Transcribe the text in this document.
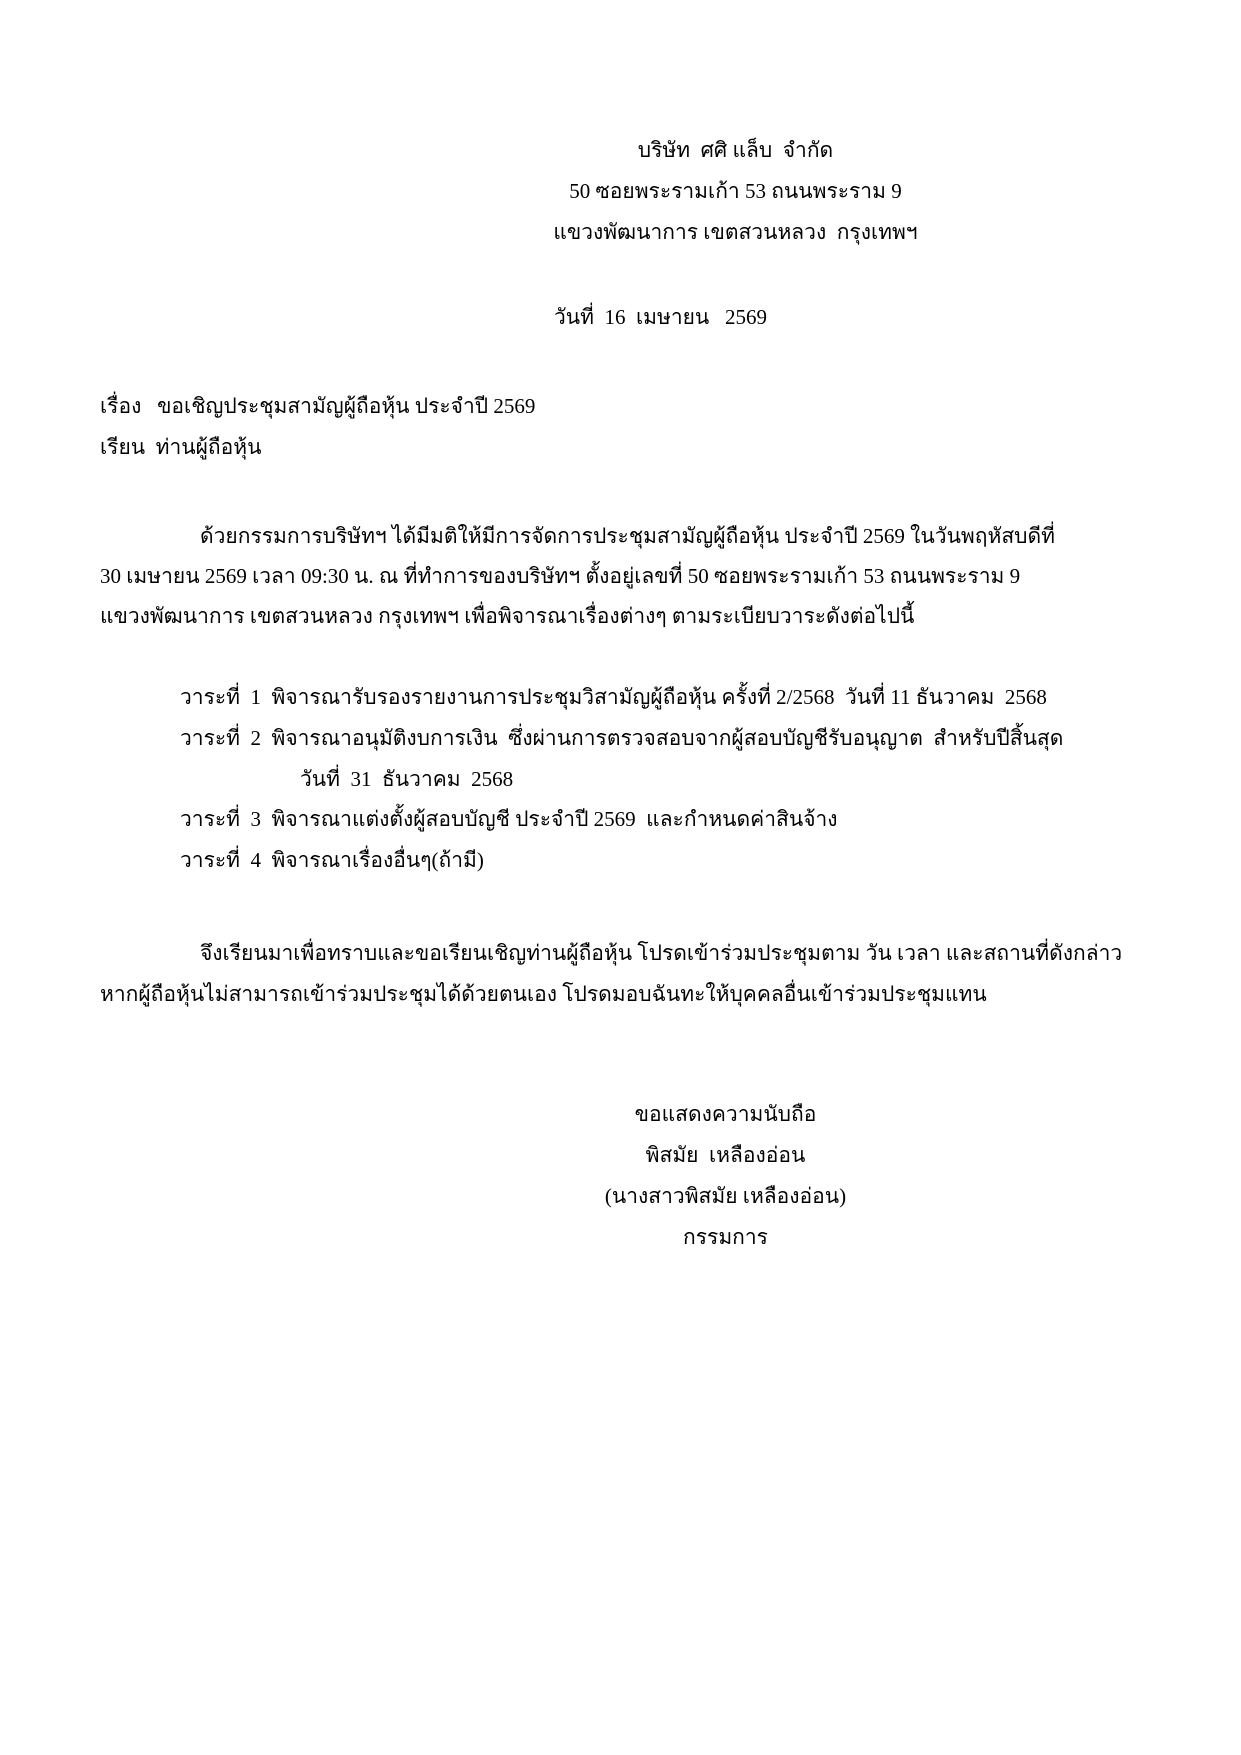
บริษัท  ศศิ แล็บ  จำกัด
50 ซอยพระรามเก้า 53 ถนนพระราม 9
แขวงพัฒนาการ เขตสวนหลวง  กรุงเทพฯ
วันที่  16  เมษายน   2569
เรื่อง   ขอเชิญประชุมสามัญผู้ถือหุ้น ประจำปี 2569
เรียน  ท่านผู้ถือหุ้น
ด้วยกรรมการบริษัทฯ ได้มีมติให้มีการจัดการประชุมสามัญผู้ถือหุ้น ประจำปี 2569 ในวันพฤหัสบดีที่
30 เมษายน 2569 เวลา 09:30 น. ณ ที่ทำการของบริษัทฯ ตั้งอยู่เลขที่ 50 ซอยพระรามเก้า 53 ถนนพระราม 9
แขวงพัฒนาการ เขตสวนหลวง กรุงเทพฯ เพื่อพิจารณาเรื่องต่างๆ ตามระเบียบวาระดังต่อไปนี้
วาระที่  1  พิจารณารับรองรายงานการประชุมวิสามัญผู้ถือหุ้น ครั้งที่ 2/2568  วันที่ 11 ธันวาคม  2568
วาระที่  2  พิจารณาอนุมัติงบการเงิน  ซึ่งผ่านการตรวจสอบจากผู้สอบบัญชีรับอนุญาต  สำหรับปีสิ้นสุด
วันที่  31  ธันวาคม  2568
วาระที่  3  พิจารณาแต่งตั้งผู้สอบบัญชี ประจำปี 2569  และกำหนดค่าสินจ้าง
วาระที่  4  พิจารณาเรื่องอื่นๆ(ถ้ามี)
จึงเรียนมาเพื่อทราบและขอเรียนเชิญท่านผู้ถือหุ้น โปรดเข้าร่วมประชุมตาม วัน เวลา และสถานที่ดังกล่าว
หากผู้ถือหุ้นไม่สามารถเข้าร่วมประชุมได้ด้วยตนเอง โปรดมอบฉันทะให้บุคคลอื่นเข้าร่วมประชุมแทน
ขอแสดงความนับถือ
พิสมัย  เหลืองอ่อน
(นางสาวพิสมัย เหลืองอ่อน)
กรรมการ
